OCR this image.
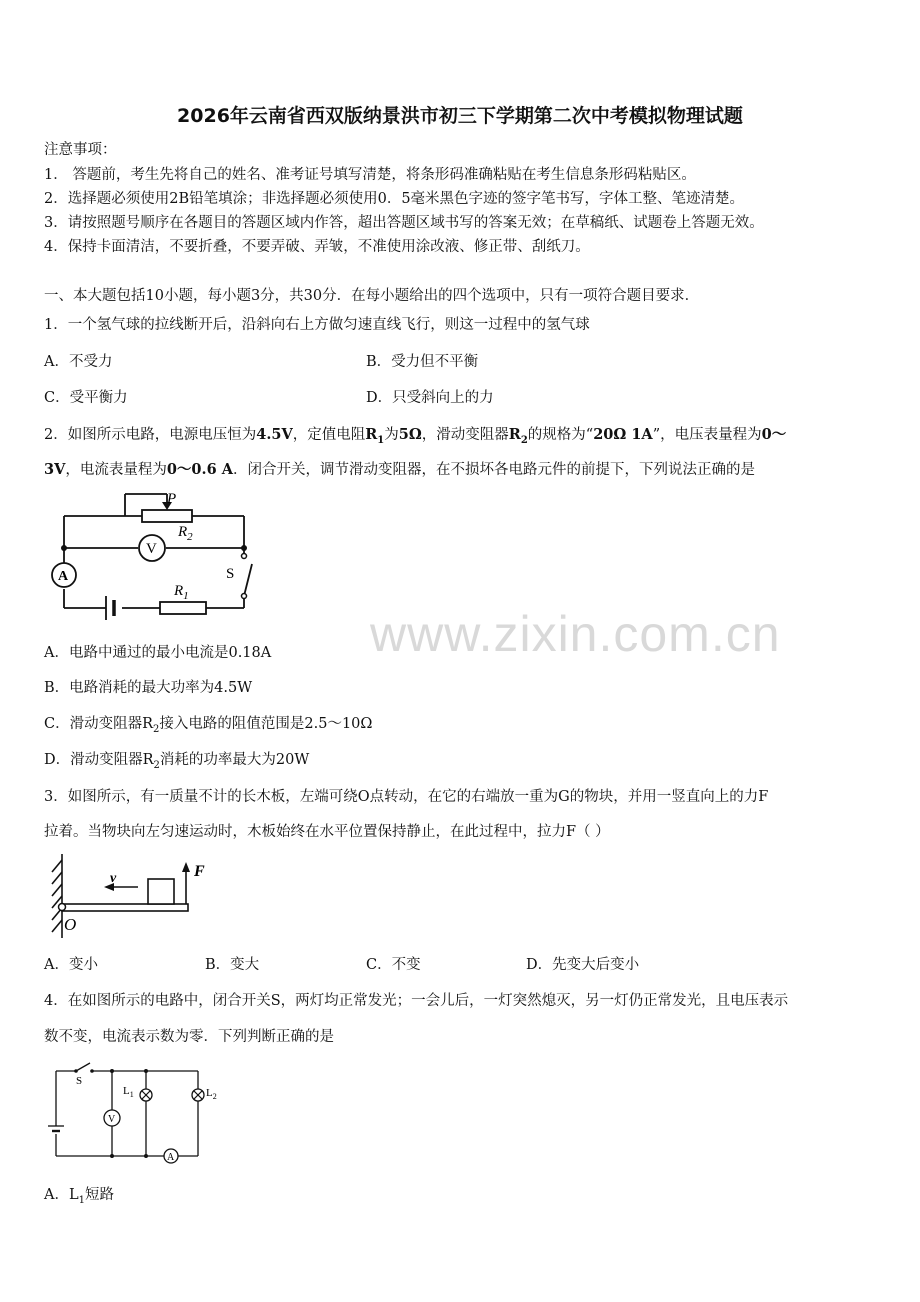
2026年云南省西双版纳景洪市初三下学期第二次中考模拟物理试题
注意事项：
1． 答题前，考生先将自己的姓名、准考证号填写清楚，将条形码准确粘贴在考生信息条形码粘贴区。
2．选择题必须使用2B铅笔填涂；非选择题必须使用0．5毫米黑色字迹的签字笔书写，字体工整、笔迹清楚。
3．请按照题号顺序在各题目的答题区域内作答，超出答题区域书写的答案无效；在草稿纸、试题卷上答题无效。
4．保持卡面清洁，不要折叠，不要弄破、弄皱，不准使用涂改液、修正带、刮纸刀。
一、本大题包括10小题，每小题3分，共30分．在每小题给出的四个选项中，只有一项符合题目要求．
1．一个氢气球的拉线断开后，沿斜向右上方做匀速直线飞行，则这一过程中的氢气球
A．不受力	B．受力但不平衡
C．受平衡力	D．只受斜向上的力
2．如图所示电路，电源电压恒为4.5V，定值电阻$R_1$为5Ω，滑动变阻器$R_2$的规格为“20Ω 1A”，电压表量程为0～
3V，电流表量程为0～0.6 A．闭合开关，调节滑动变阻器，在不损坏各电路元件的前提下，下列说法正确的是
P
$R_2$
V
A	S
$R_1$
A．电路中通过的最小电流是0.18A
B．电路消耗的最大功率为4.5W
C．滑动变阻器$R_2$接入电路的阻值范围是2.5～10Ω
D．滑动变阻器$R_2$消耗的功率最大为20W
www.zixin.com.cn
3．如图所示，有一质量不计的长木板，左端可绕O点转动，在它的右端放一重为G的物块，并用一竖直向上的力F
拉着。当物块向左匀速运动时，木板始终在水平位置保持静止，在此过程中，拉力F（ ）
v	F
O
A．变小	B．变大	C．不变	D．先变大后变小
4．在如图所示的电路中，闭合开关S，两灯均正常发光；一会儿后，一灯突然熄灭，另一灯仍正常发光，且电压表示
数不变，电流表示数为零．下列判断正确的是
S
V
$L_1$	$L_2$
A
A．$L_1$短路
